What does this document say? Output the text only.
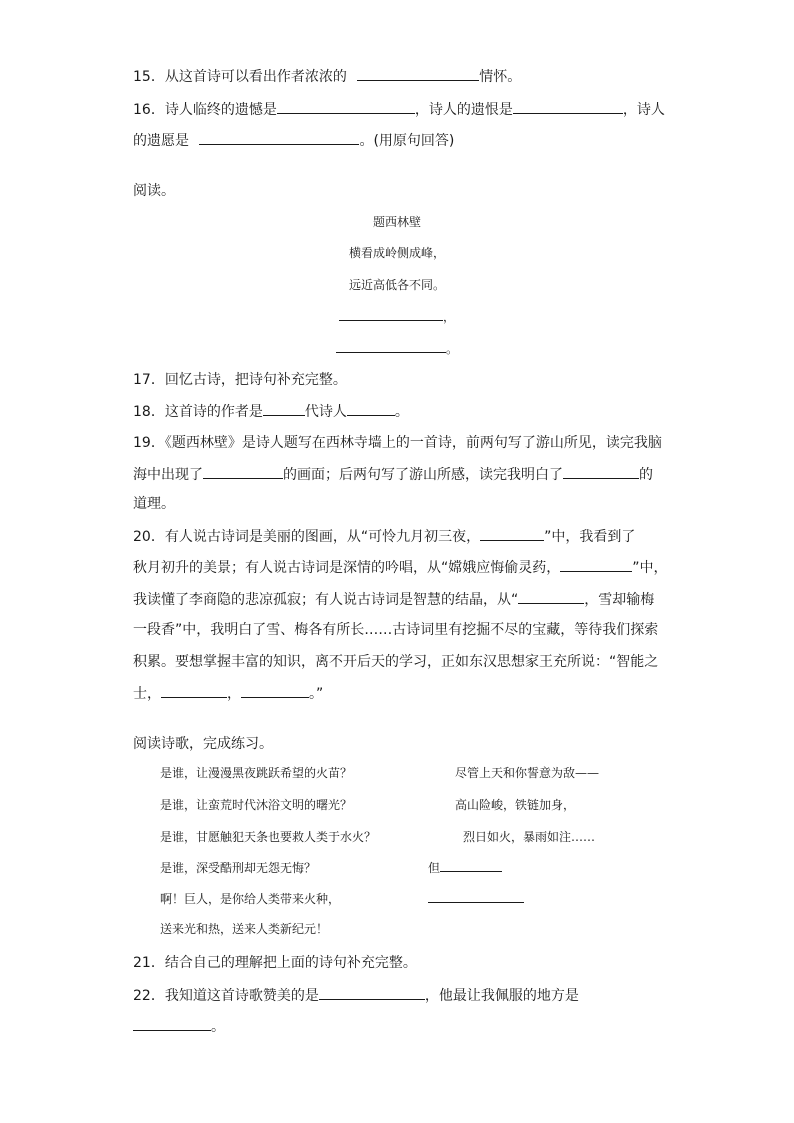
15．从这首诗可以看出作者浓浓的	情怀。
16．诗人临终的遗憾是	，诗人的遗恨是	，诗人
的遗愿是	。(用原句回答)
阅读。
题西林壁
横看成岭侧成峰，
远近高低各不同。
，
。
17．回忆古诗，把诗句补充完整。
18．这首诗的作者是	代诗人	。
19．《题西林壁》是诗人题写在西林寺墙上的一首诗，前两句写了游山所见，读完我脑
海中出现了	的画面；后两句写了游山所感，读完我明白了	的
道理。
20．有人说古诗词是美丽的图画，从“可怜九月初三夜，	”中，我看到了
秋月初升的美景；有人说古诗词是深情的吟唱，从“嫦娥应悔偷灵药，	”中，
我读懂了李商隐的悲凉孤寂；有人说古诗词是智慧的结晶，从“	，雪却输梅
一段香”中，我明白了雪、梅各有所长……古诗词里有挖掘不尽的宝藏，等待我们探索
积累。要想掌握丰富的知识，离不开后天的学习，正如东汉思想家王充所说：“智能之
士，	，	。”
阅读诗歌，完成练习。
是谁，让漫漫黑夜跳跃希望的火苗？
是谁，让蛮荒时代沐浴文明的曙光？
是谁，甘愿触犯天条也要救人类于水火？
是谁，深受酷刑却无怨无悔？
啊！巨人，是你给人类带来火种，
送来光和热，送来人类新纪元！
尽管上天和你誓意为敌——
高山险峻，铁链加身，
烈日如火，暴雨如注……
但
21．结合自己的理解把上面的诗句补充完整。
22．我知道这首诗歌赞美的是	，他最让我佩服的地方是
。
